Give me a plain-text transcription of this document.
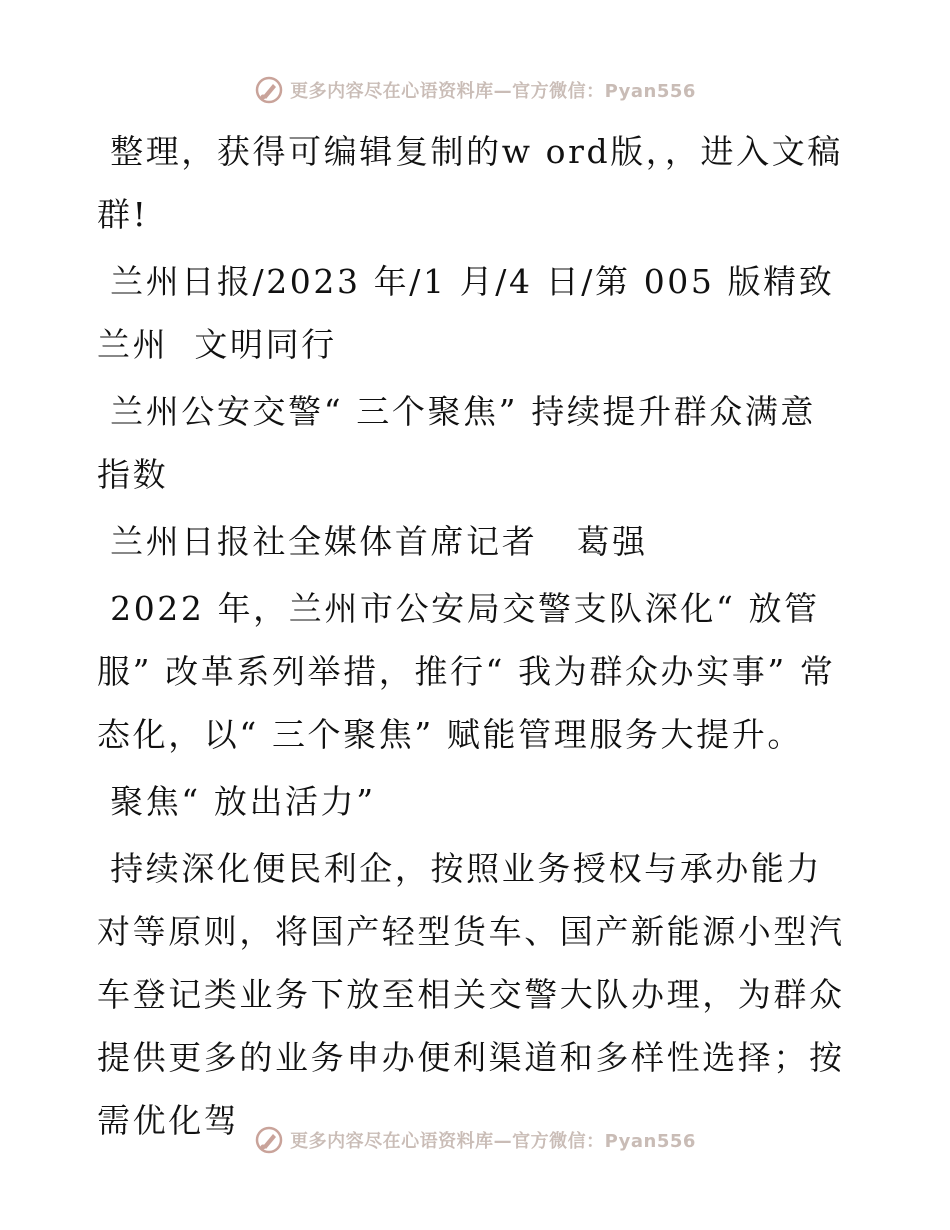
更多内容尽在心语资料库—官方微信：Pyan556

整理，获得可编辑复制的w ord版，，进入文稿群!

兰州日报/2023 年/1 月/4 日/第 005 版精致兰州  文明同行

兰州公安交警“ 三个聚焦” 持续提升群众满意指数

兰州日报社全媒体首席记者   葛强

2022 年，兰州市公安局交警支队深化“ 放管服” 改革系列举措，推行“ 我为群众办实事” 常态化，以“ 三个聚焦” 赋能管理服务大提升。

聚焦“ 放出活力”

持续深化便民利企，按照业务授权与承办能力对等原则，将国产轻型货车、国产新能源小型汽车登记类业务下放至相关交警大队办理，为群众提供更多的业务申办便利渠道和多样性选择；按需优化驾

更多内容尽在心语资料库—官方微信：Pyan556
